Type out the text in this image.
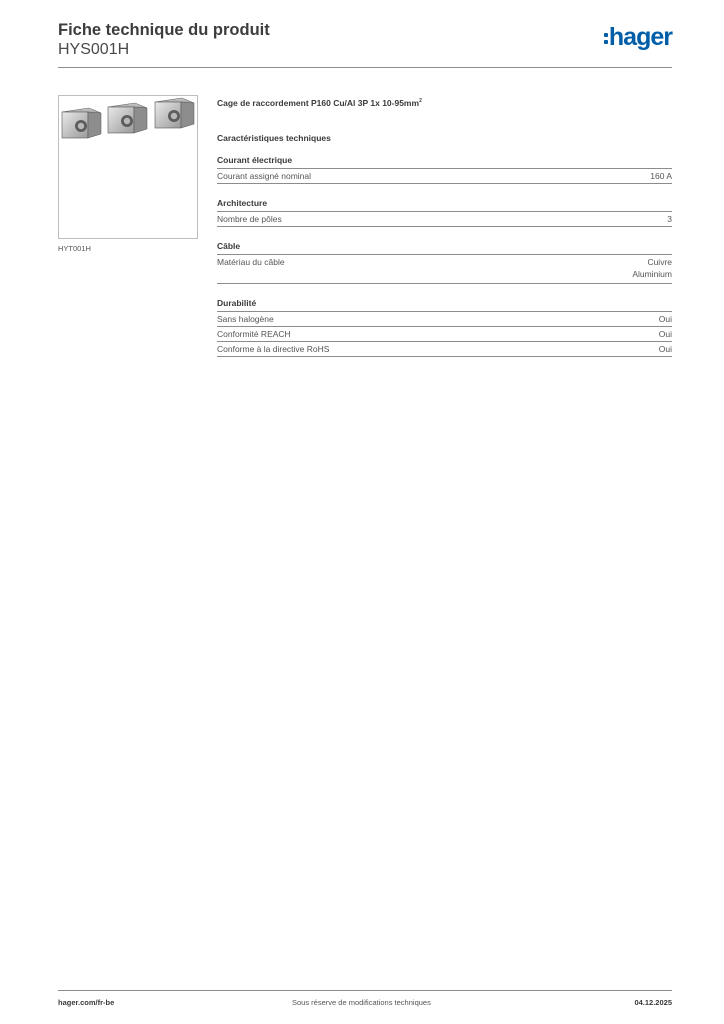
Fiche technique du produit
HYS001H	hager
HYT001H
Cage de raccordement P160 Cu/Al 3P 1x $10-95mm^2$
Caractéristiques techniques
Courant électrique
Courant assigné nominal	160 A
Architecture
Nombre de pôles	3
Câble
Matériau du câble	Cuivre
Aluminium
Durabilité
Sans halogène	Oui
Conformité REACH	Oui
Conforme à la directive RoHS	Oui
hager.com/fr-be	Sous réserve de modifications techniques	04.12.2025
